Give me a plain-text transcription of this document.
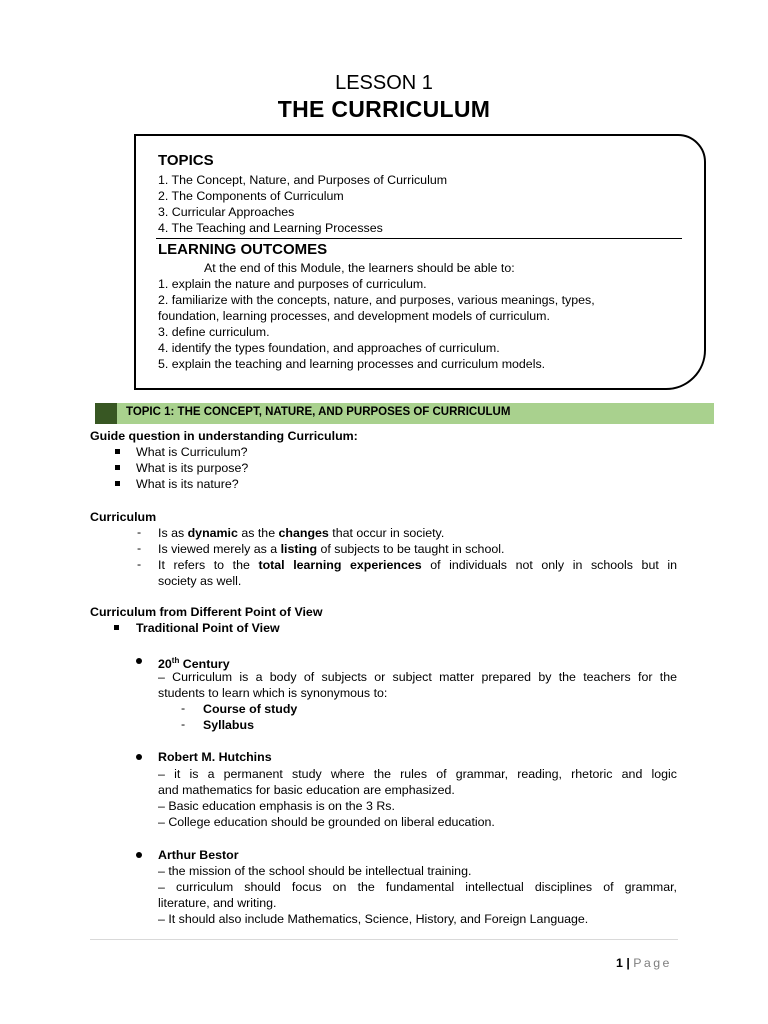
LESSON 1
THE CURRICULUM
TOPICS
1. The Concept, Nature, and Purposes of Curriculum
2. The Components of Curriculum
3. Curricular Approaches
4. The Teaching and Learning Processes
LEARNING OUTCOMES
At the end of this Module, the learners should be able to:
1. explain the nature and purposes of curriculum.
2. familiarize with the concepts, nature, and purposes, various meanings, types,
foundation, learning processes, and development models of curriculum.
3. define curriculum.
4. identify the types foundation, and approaches of curriculum.
5. explain the teaching and learning processes and curriculum models.
TOPIC 1: THE CONCEPT, NATURE, AND PURPOSES OF CURRICULUM
Guide question in understanding Curriculum:
What is Curriculum?
What is its purpose?
What is its nature?
Curriculum
- Is as dynamic as the changes that occur in society.
- Is viewed merely as a listing of subjects to be taught in school.
- It refers to the total learning experiences of individuals not only in schools but in
society as well.
Curriculum from Different Point of View
Traditional Point of View
20th Century
– Curriculum is a body of subjects or subject matter prepared by the teachers for the
students to learn which is synonymous to:
- Course of study
- Syllabus
Robert M. Hutchins
– it is a permanent study where the rules of grammar, reading, rhetoric and logic
and mathematics for basic education are emphasized.
– Basic education emphasis is on the 3 Rs.
– College education should be grounded on liberal education.
Arthur Bestor
– the mission of the school should be intellectual training.
– curriculum should focus on the fundamental intellectual disciplines of grammar,
literature, and writing.
– It should also include Mathematics, Science, History, and Foreign Language.
1 | Page
